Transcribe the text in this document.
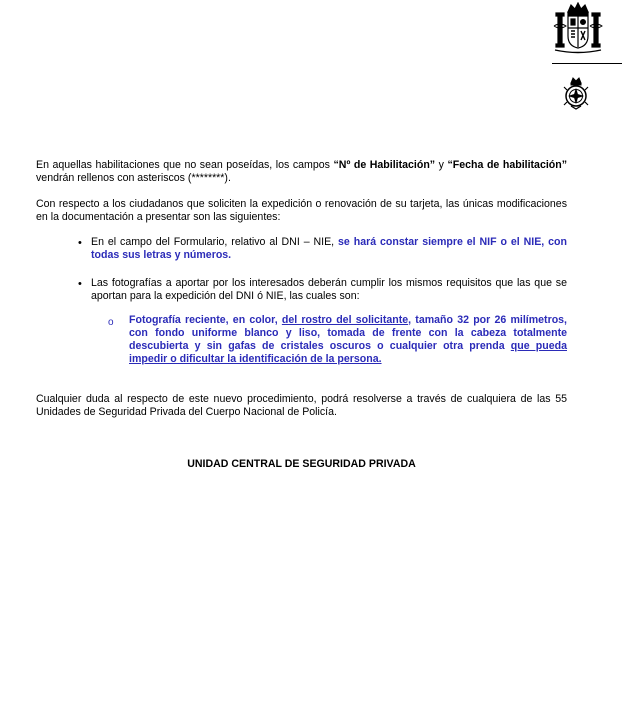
En aquellas habilitaciones que no sean poseídas, los campos “Nº de Habilitación” y “Fecha de habilitación” vendrán rellenos con asteriscos (********).

Con respecto a los ciudadanos que soliciten la expedición o renovación de su tarjeta, las únicas modificaciones en la documentación a presentar son las siguientes:

• En el campo del Formulario, relativo al DNI – NIE, se hará constar siempre el NIF o el NIE, con todas sus letras y números.

• Las fotografías a aportar por los interesados deberán cumplir los mismos requisitos que las que se aportan para la expedición del DNI ó NIE, las cuales son:

o Fotografía reciente, en color, del rostro del solicitante, tamaño 32 por 26 milímetros, con fondo uniforme blanco y liso, tomada de frente con la cabeza totalmente descubierta y sin gafas de cristales oscuros o cualquier otra prenda que pueda impedir o dificultar la identificación de la persona.

Cualquier duda al respecto de este nuevo procedimiento, podrá resolverse a través de cualquiera de las 55 Unidades de Seguridad Privada del Cuerpo Nacional de Policía.

UNIDAD CENTRAL DE SEGURIDAD PRIVADA
